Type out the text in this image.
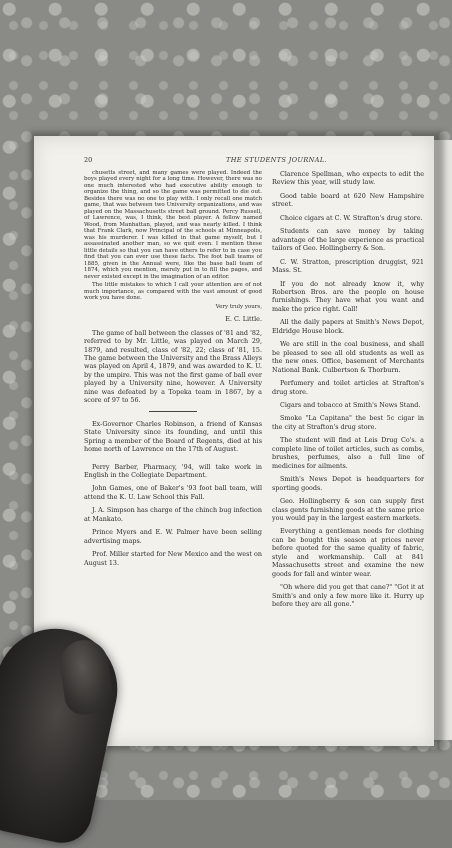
20	THE STUDENTS JOURNAL.

chusetts street, and many games were played. Indeed the boys played every night for a long time. However, there was no one much interested who had executive ability enough to organize the thing, and so the game was permitted to die out. Besides there was no one to play with. I only recall one match game, that was between two University organizations, and was played on the Massachusetts street ball ground. Percy Russell, of Lawrence, was, I think, the best player. A fellow named Wood, from Manhattan, played, and was nearly killed. I think that Frank Clark, now Principal of the schools at Minneapolis, was his murderer. I was killed in that game myself, but I assassinated another man, so we quit even. I mention these little details so that you can have others to refer to in case you find that you can ever use these facts. The foot ball teams of 1885, given in the Annual were, like the base ball team of 1874, which you mention, merely put in to fill the pages, and never existed except in the imagination of an editor.

The little mistakes to which I call your attention are of not much importance, as compared with the vast amount of good work you have done.

Very truly yours,

E. C. Little.

The game of ball between the classes of '81 and '82, referred to by Mr. Little, was played on March 29, 1879, and resulted, class of '82, 22; class of '81, 15. The game between the University and the Brass Alleys was played on April 4, 1879, and was awarded to K. U. by the umpire. This was not the first game of ball ever played by a University nine, however. A University nine was defeated by a Topeka team in 1867, by a score of 97 to 56.

Ex-Governor Charles Robinson, a friend of Kansas State University since its founding, and until this Spring a member of the Board of Regents, died at his home north of Lawrence on the 17th of August.

Perry Barber, Pharmacy, '94, will take work in English in the Collegiate Department.

John Games, one of Baker's '93 foot ball team, will attend the K. U. Law School this Fall.

J. A. Simpson has charge of the chinch bug infection at Mankato.

Prince Myers and E. W. Palmer have been selling advertising maps.

Prof. Miller started for New Mexico and the west on August 13.

Clarence Spellman, who expects to edit the Review this year, will study law.

Good table board at 620 New Hampshire street.

Choice cigars at C. W. Strafton's drug store.

Students can save money by taking advantage of the large experience as practical tailors of Geo. Hollingberry & Son.

C. W. Stratton, prescription druggist, 921 Mass. St.

If you do not already know it, why Robertson Bros. are the people on house furnishings. They have what you want and make the price right. Call!

All the daily papers at Smith's News Depot, Eldridge House block.

We are still in the coal business, and shall be pleased to see all old students as well as the new ones. Office, basement of Merchants National Bank. Culbertson & Thorburn.

Perfumery and toilet articles at Strafton's drug store.

Cigars and tobacco at Smith's News Stand.

Smoke "La Capitana" the best 5c cigar in the city at Strafton's drug store.

The student will find at Leis Drug Co's. a complete line of toilet articles, such as combs, brushes, perfumes, also a full line of medicines for ailments.

Smith's News Depot is headquarters for sporting goods.

Geo. Hollingberry & son can supply first class gents furnishing goods at the same price you would pay in the largest eastern markets.

Everything a gentleman needs for clothing can be bought this season at prices never before quoted for the same quality of fabric, style and workmanship. Call at 841 Massachusetts street and examine the new goods for fall and winter wear.

"Oh where did you get that cane?" "Got it at Smith's and only a few more like it. Hurry up before they are all gone."
